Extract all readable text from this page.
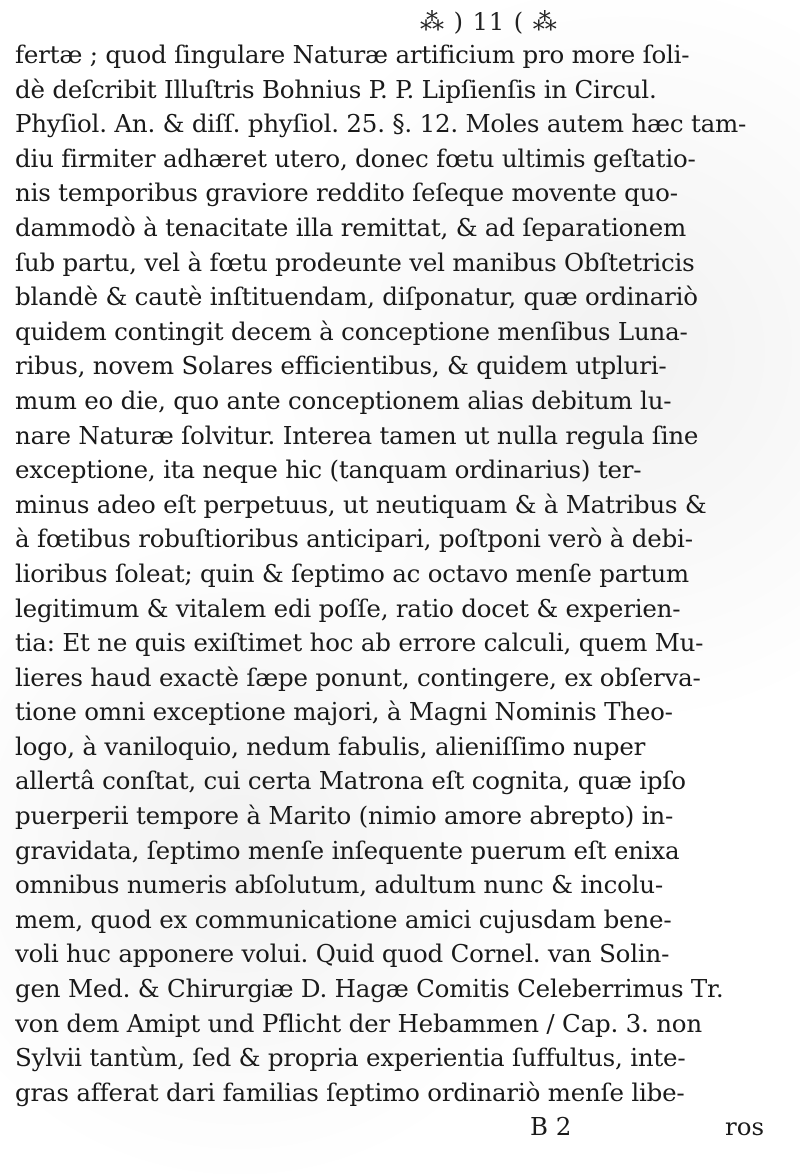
⁂ ) 11 ( ⁂
fertæ ; quod ſingulare Naturæ artificium pro more ſoli-
dè deſcribit Illuſtris Bohnius P. P. Lipſienſis in Circul.
Phyſiol. An. & diſſ. phyſiol. 25. §. 12. Moles autem hæc tam-
diu firmiter adhæret utero, donec fœtu ultimis geſtatio-
nis temporibus graviore reddito ſeſeque movente quo-
dammodò à tenacitate illa remittat, & ad ſeparationem
ſub partu, vel à fœtu prodeunte vel manibus Obſtetricis
blandè & cautè inſtituendam, diſponatur, quæ ordinariò
quidem contingit decem à conceptione menſibus Luna-
ribus, novem Solares efficientibus, & quidem utpluri-
mum eo die, quo ante conceptionem alias debitum lu-
nare Naturæ ſolvitur. Interea tamen ut nulla regula ſine
exceptione, ita neque hic (tanquam ordinarius) ter-
minus adeo eſt perpetuus, ut neutiquam & à Matribus &
à fœtibus robuſtioribus anticipari, poſtponi verò à debi-
lioribus ſoleat; quin & ſeptimo ac octavo menſe partum
legitimum & vitalem edi poſſe, ratio docet & experien-
tia: Et ne quis exiſtimet hoc ab errore calculi, quem Mu-
lieres haud exactè ſæpe ponunt, contingere, ex obſerva-
tione omni exceptione majori, à Magni Nominis Theo-
logo, à vaniloquio, nedum fabulis, alieniſſimo nuper
allertâ conſtat, cui certa Matrona eſt cognita, quæ ipſo
puerperii tempore à Marito (nimio amore abrepto) in-
gravidata, ſeptimo menſe inſequente puerum eſt enixa
omnibus numeris abſolutum, adultum nunc & incolu-
mem, quod ex communicatione amici cujusdam bene-
voli huc apponere volui. Quid quod Cornel. van Solin-
gen Med. & Chirurgiæ D. Hagæ Comitis Celeberrimus Tr.
von dem Amipt und Pflicht der Hebammen / Cap. 3. non
Sylvii tantùm, ſed & propria experientia ſuffultus, inte-
gras afferat dari familias ſeptimo ordinariò menſe libe-
B 2	ros
